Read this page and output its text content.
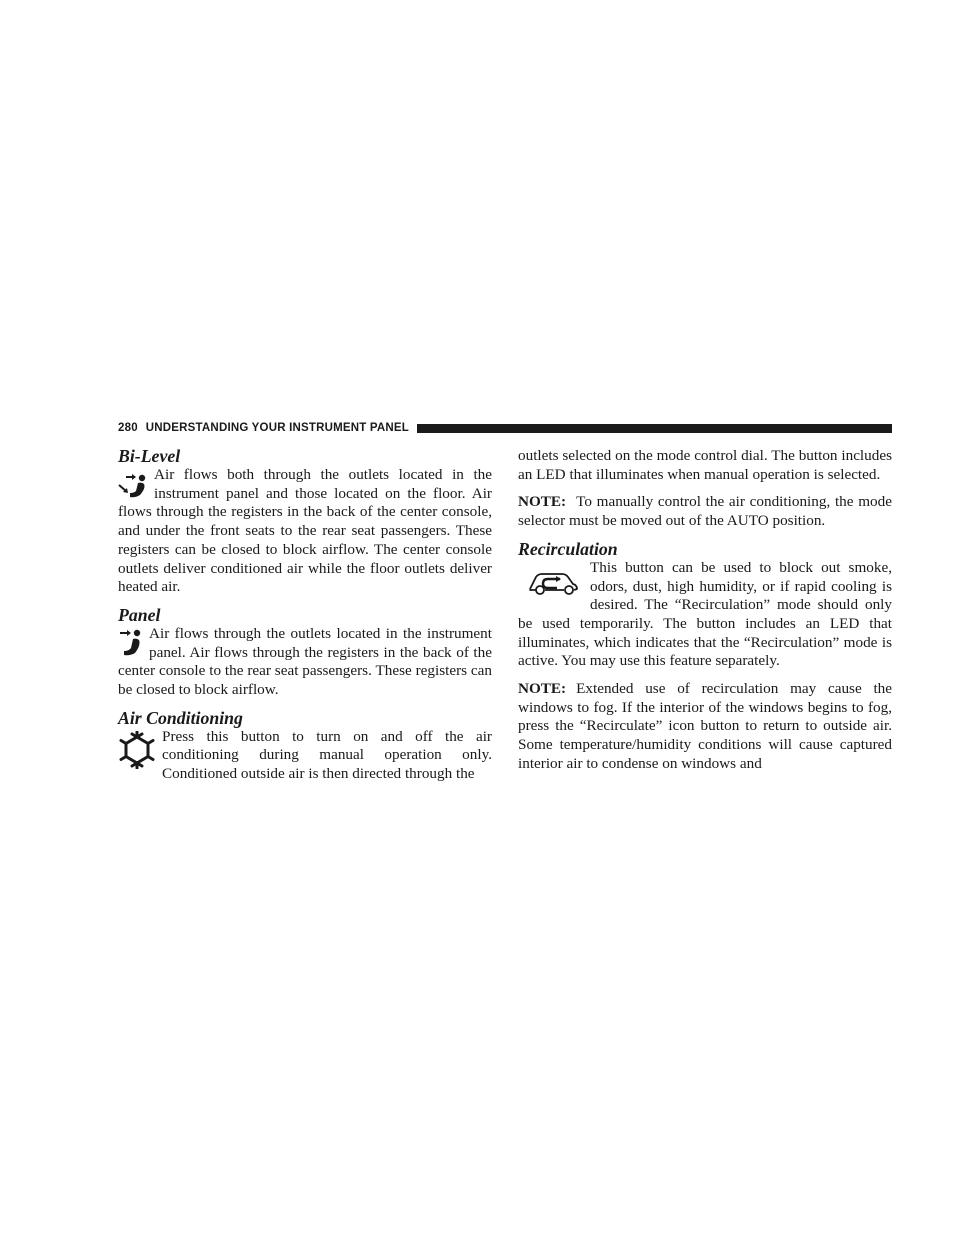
280 UNDERSTANDING YOUR INSTRUMENT PANEL
Bi-Level

Air flows both through the outlets located in the instrument panel and those located on the floor. Air flows through the registers in the back of the center console, and under the front seats to the rear seat passengers. These registers can be closed to block airflow. The center console outlets deliver conditioned air while the floor outlets deliver heated air.

Panel

Air flows through the outlets located in the instrument panel. Air flows through the registers in the back of the center console to the rear seat passengers. These registers can be closed to block airflow.

Air Conditioning

Press this button to turn on and off the air conditioning during manual operation only. Conditioned outside air is then directed through the

outlets selected on the mode control dial. The button includes an LED that illuminates when manual operation is selected.

NOTE: To manually control the air conditioning, the mode selector must be moved out of the AUTO position.

Recirculation

This button can be used to block out smoke, odors, dust, high humidity, or if rapid cooling is desired. The “Recirculation” mode should only be used temporarily. The button includes an LED that illuminates, which indicates that the “Recirculation” mode is active. You may use this feature separately.

NOTE: Extended use of recirculation may cause the windows to fog. If the interior of the windows begins to fog, press the “Recirculate” icon button to return to outside air. Some temperature/humidity conditions will cause captured interior air to condense on windows and
